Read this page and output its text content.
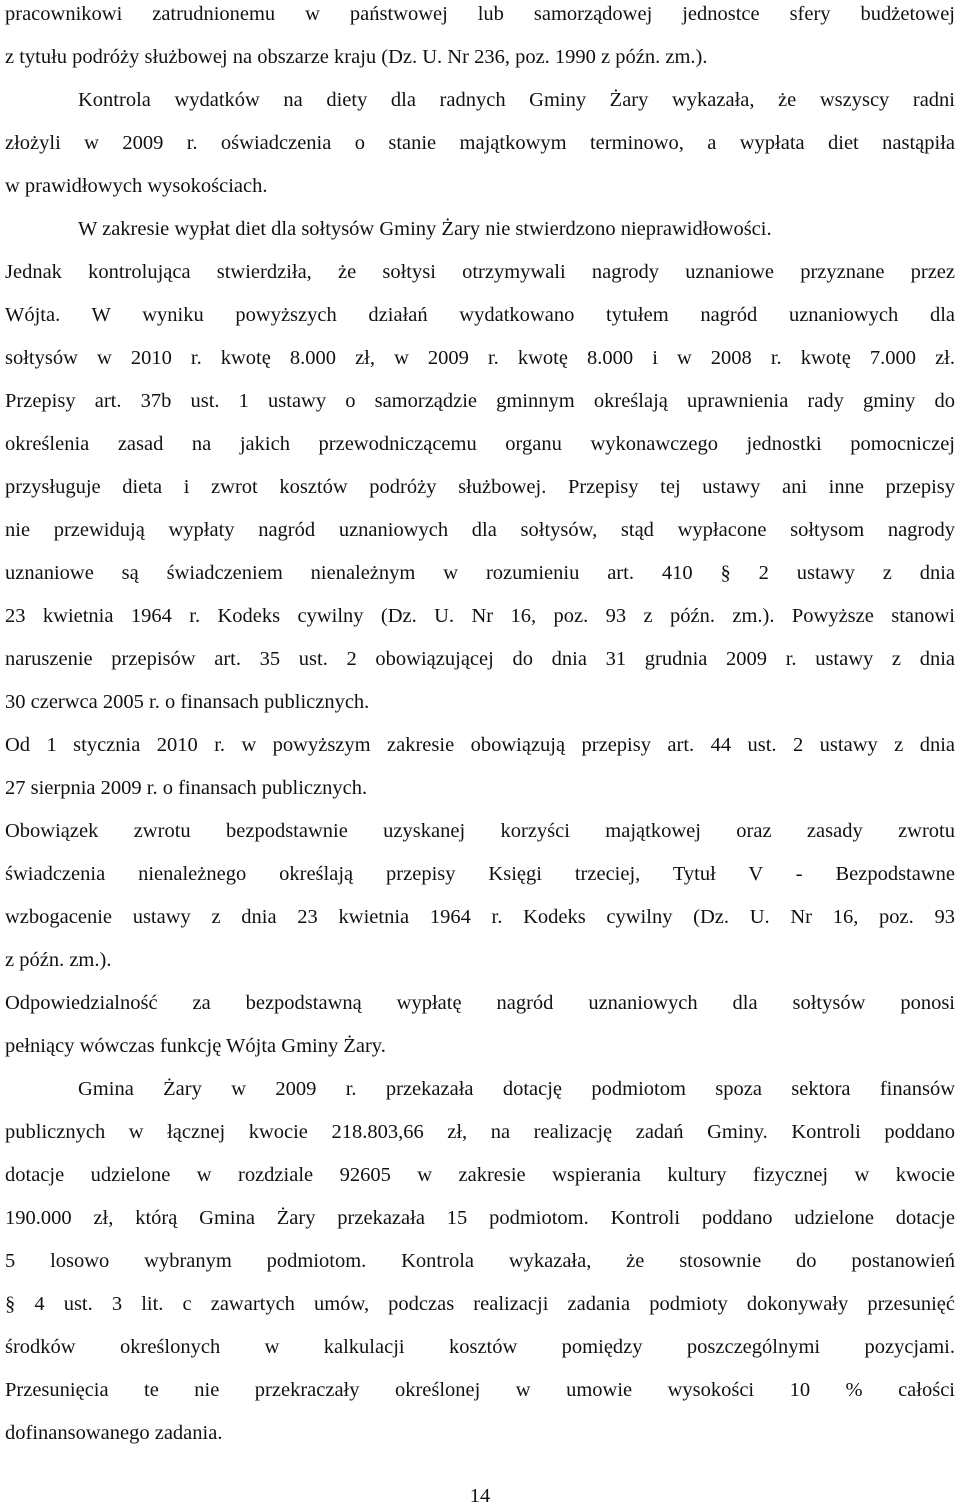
pracownikowi zatrudnionemu w państwowej lub samorządowej jednostce sfery budżetowej
z tytułu podróży służbowej na obszarze kraju (Dz. U. Nr 236, poz. 1990 z późn. zm.).
Kontrola wydatków na diety dla radnych Gminy Żary wykazała, że wszyscy radni
złożyli w 2009 r. oświadczenia o stanie majątkowym terminowo, a wypłata diet nastąpiła
w prawidłowych wysokościach.
W zakresie wypłat diet dla sołtysów Gminy Żary nie stwierdzono nieprawidłowości.
Jednak kontrolująca stwierdziła, że sołtysi otrzymywali nagrody uznaniowe przyznane przez
Wójta. W wyniku powyższych działań wydatkowano tytułem nagród uznaniowych dla
sołtysów w 2010 r. kwotę 8.000 zł, w 2009 r. kwotę 8.000 i w 2008 r. kwotę 7.000 zł.
Przepisy art. 37b ust. 1 ustawy o samorządzie gminnym określają uprawnienia rady gminy do
określenia zasad na jakich przewodniczącemu organu wykonawczego jednostki pomocniczej
przysługuje dieta i zwrot kosztów podróży służbowej. Przepisy tej ustawy ani inne przepisy
nie przewidują wypłaty nagród uznaniowych dla sołtysów, stąd wypłacone sołtysom nagrody
uznaniowe są świadczeniem nienależnym w rozumieniu art. 410 § 2 ustawy z dnia
23 kwietnia 1964 r. Kodeks cywilny (Dz. U. Nr 16, poz. 93 z późn. zm.). Powyższe stanowi
naruszenie przepisów art. 35 ust. 2 obowiązującej do dnia 31 grudnia 2009 r. ustawy z dnia
30 czerwca 2005 r. o finansach publicznych.
Od 1 stycznia 2010 r. w powyższym zakresie obowiązują przepisy art. 44 ust. 2 ustawy z dnia
27 sierpnia 2009 r. o finansach publicznych.
Obowiązek zwrotu bezpodstawnie uzyskanej korzyści majątkowej oraz zasady zwrotu
świadczenia nienależnego określają przepisy Księgi trzeciej, Tytuł V - Bezpodstawne
wzbogacenie ustawy z dnia 23 kwietnia 1964 r. Kodeks cywilny (Dz. U. Nr 16, poz. 93
z późn. zm.).
Odpowiedzialność za bezpodstawną wypłatę nagród uznaniowych dla sołtysów ponosi
pełniący wówczas funkcję Wójta Gminy Żary.
Gmina Żary w 2009 r. przekazała dotację podmiotom spoza sektora finansów
publicznych w łącznej kwocie 218.803,66 zł, na realizację zadań Gminy. Kontroli poddano
dotacje udzielone w rozdziale 92605 w zakresie wspierania kultury fizycznej w kwocie
190.000 zł, którą Gmina Żary przekazała 15 podmiotom. Kontroli poddano udzielone dotacje
5 losowo wybranym podmiotom. Kontrola wykazała, że stosownie do postanowień
§ 4 ust. 3 lit. c zawartych umów, podczas realizacji zadania podmioty dokonywały przesunięć
środków określonych w kalkulacji kosztów pomiędzy poszczególnymi pozycjami.
Przesunięcia te nie przekraczały określonej w umowie wysokości 10 % całości
dofinansowanego zadania.
14
